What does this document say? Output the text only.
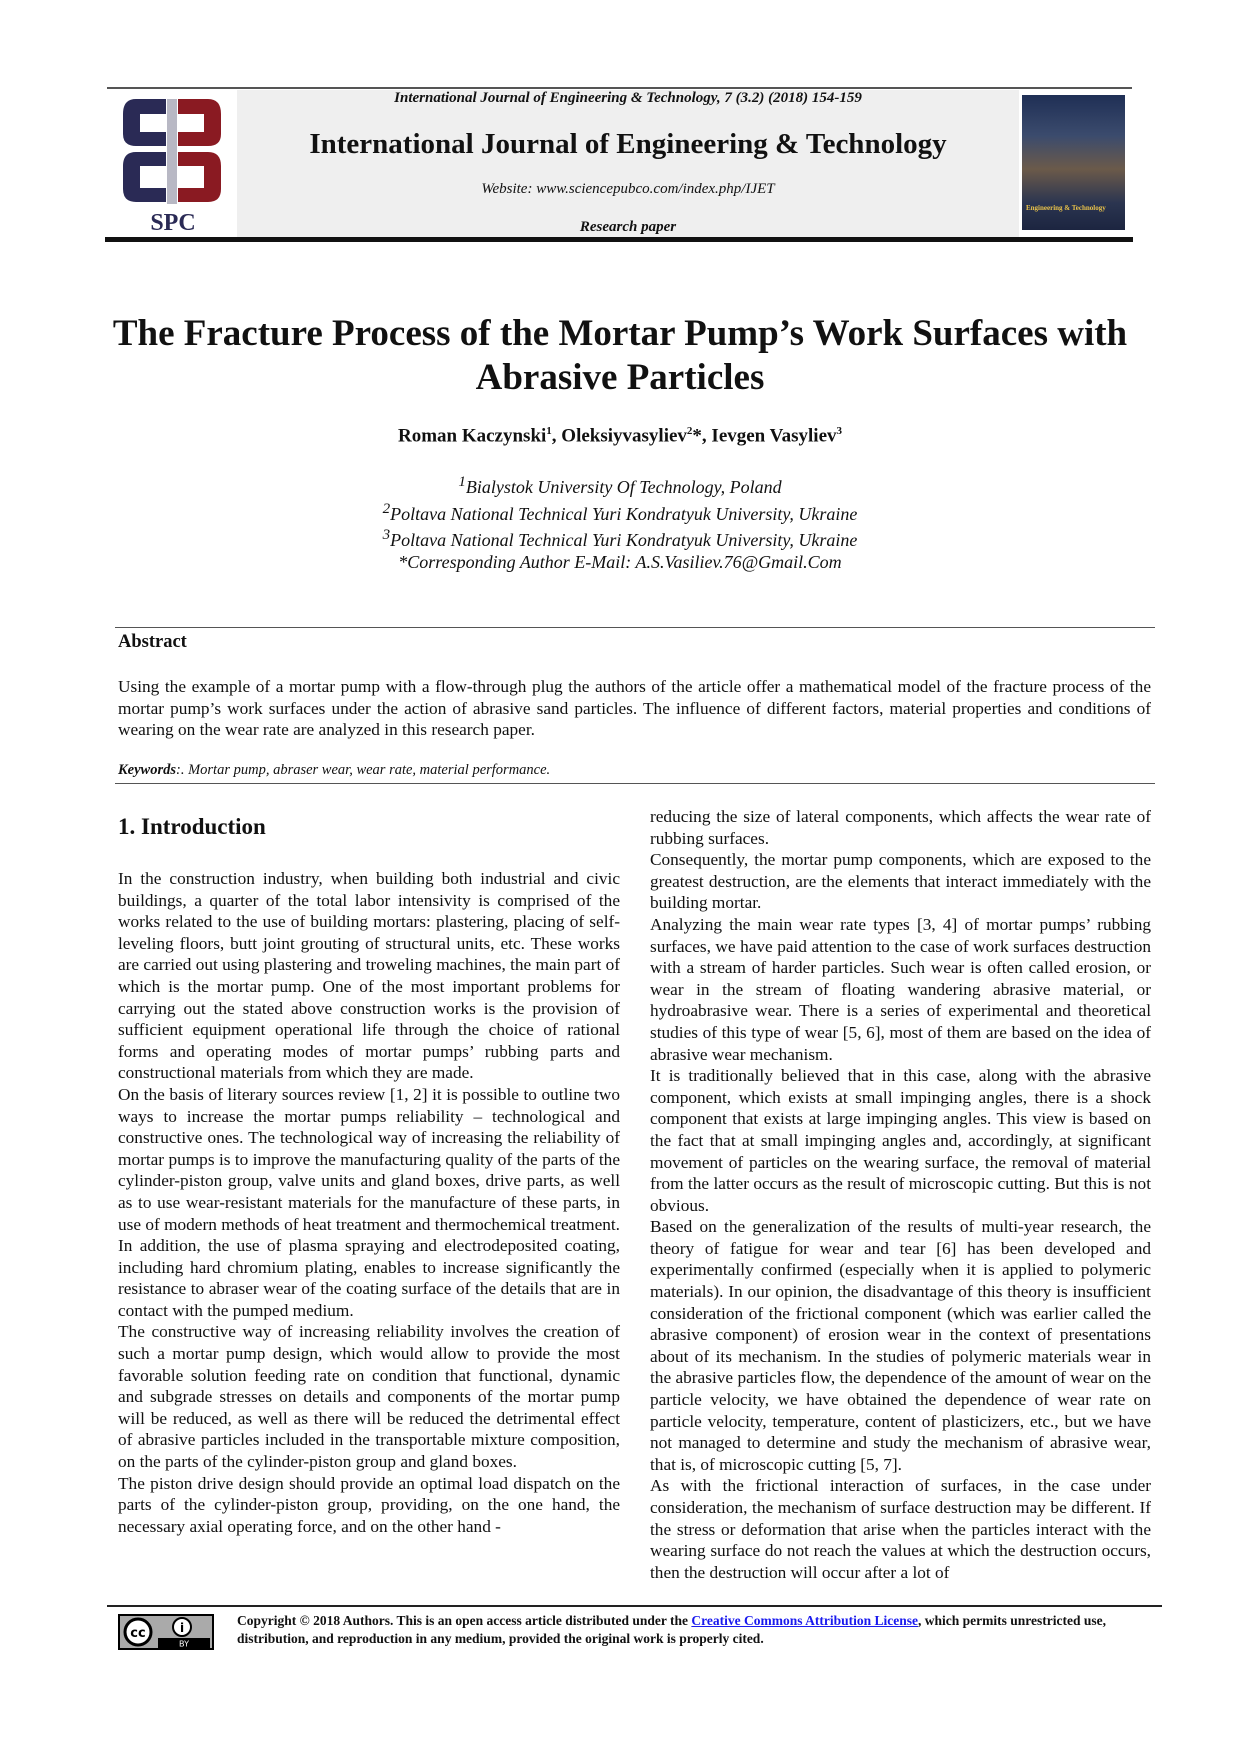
SPC
International Journal of Engineering & Technology, 7 (3.2) (2018) 154-159
International Journal of Engineering & Technology
Website: www.sciencepubco.com/index.php/IJET
Research paper
Engineering & Technology
The Fracture Process of the Mortar Pump’s Work Surfaces with
Abrasive Particles
Roman Kaczynski$^1$, Oleksiyvasyliev$^2$*, Ievgen Vasyliev$^3$
$^1$Bialystok University Of Technology, Poland
$^2$Poltava National Technical Yuri Kondratyuk University, Ukraine
$^3$Poltava National Technical Yuri Kondratyuk University, Ukraine
*Corresponding Author E-Mail: A.S.Vasiliev.76@Gmail.Com
Abstract
Using the example of a mortar pump with a flow-through plug the authors of the article offer a mathematical model of the fracture process of the mortar pump’s work surfaces under the action of abrasive sand particles. The influence of different factors, material properties and conditions of wearing on the wear rate are analyzed in this research paper.
Keywords:. Mortar pump, abraser wear, wear rate, material performance.
1. Introduction

In the construction industry, when building both industrial and civic buildings, a quarter of the total labor intensivity is comprised of the works related to the use of building mortars: plastering, placing of self-leveling floors, butt joint grouting of structural units, etc. These works are carried out using plastering and troweling machines, the main part of which is the mortar pump. One of the most important problems for carrying out the stated above construction works is the provision of sufficient equipment operational life through the choice of rational forms and operating modes of mortar pumps’ rubbing parts and constructional materials from which they are made.

On the basis of literary sources review [1, 2] it is possible to outline two ways to increase the mortar pumps reliability – technological and constructive ones. The technological way of increasing the reliability of mortar pumps is to improve the manufacturing quality of the parts of the cylinder-piston group, valve units and gland boxes, drive parts, as well as to use wear-resistant materials for the manufacture of these parts, in use of modern methods of heat treatment and thermochemical treatment. In addition, the use of plasma spraying and electrodeposited coating, including hard chromium plating, enables to increase significantly the resistance to abraser wear of the coating surface of the details that are in contact with the pumped medium.

The constructive way of increasing reliability involves the creation of such a mortar pump design, which would allow to provide the most favorable solution feeding rate on condition that functional, dynamic and subgrade stresses on details and components of the mortar pump will be reduced, as well as there will be reduced the detrimental effect of abrasive particles included in the transportable mixture composition, on the parts of the cylinder-piston group and gland boxes.

The piston drive design should provide an optimal load dispatch on the parts of the cylinder-piston group, providing, on the one hand, the necessary axial operating force, and on the other hand -

reducing the size of lateral components, which affects the wear rate of rubbing surfaces.

Consequently, the mortar pump components, which are exposed to the greatest destruction, are the elements that interact immediately with the building mortar.

Analyzing the main wear rate types [3, 4] of mortar pumps’ rubbing surfaces, we have paid attention to the case of work surfaces destruction with a stream of harder particles. Such wear is often called erosion, or wear in the stream of floating wandering abrasive material, or hydroabrasive wear. There is a series of experimental and theoretical studies of this type of wear [5, 6], most of them are based on the idea of abrasive wear mechanism.

It is traditionally believed that in this case, along with the abrasive component, which exists at small impinging angles, there is a shock component that exists at large impinging angles. This view is based on the fact that at small impinging angles and, accordingly, at significant movement of particles on the wearing surface, the removal of material from the latter occurs as the result of microscopic cutting. But this is not obvious.

Based on the generalization of the results of multi-year research, the theory of fatigue for wear and tear [6] has been developed and experimentally confirmed (especially when it is applied to polymeric materials). In our opinion, the disadvantage of this theory is insufficient consideration of the frictional component (which was earlier called the abrasive component) of erosion wear in the context of presentations about of its mechanism. In the studies of polymeric materials wear in the abrasive particles flow, the dependence of the amount of wear on the particle velocity, we have obtained the dependence of wear rate on particle velocity, temperature, content of plasticizers, etc., but we have not managed to determine and study the mechanism of abrasive wear, that is, of microscopic cutting [5, 7].

As with the frictional interaction of surfaces, in the case under consideration, the mechanism of surface destruction may be different. If the stress or deformation that arise when the particles interact with the wearing surface do not reach the values at which the destruction occurs, then the destruction will occur after a lot of

cc	i
BY
Copyright © 2018 Authors. This is an open access article distributed under the Creative Commons Attribution License, which permits unrestricted use, distribution, and reproduction in any medium, provided the original work is properly cited.
